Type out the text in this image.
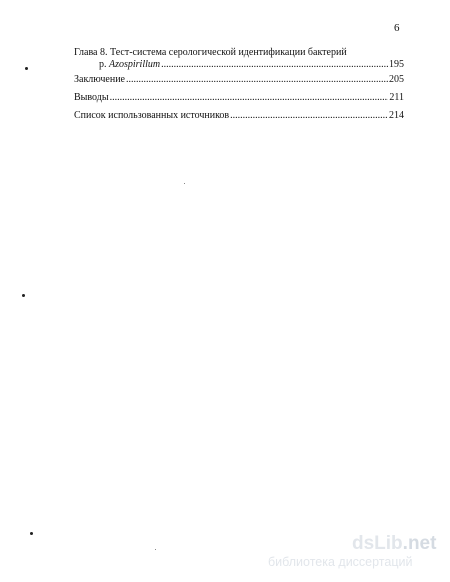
6
Глава 8. Тест-система серологической идентификации бактерий
р. Azospirillum .....	195
Заключение .....	205
Выводы .....	211
Список использованных источников .....	214
dsLib.net
библиотека диссертаций
